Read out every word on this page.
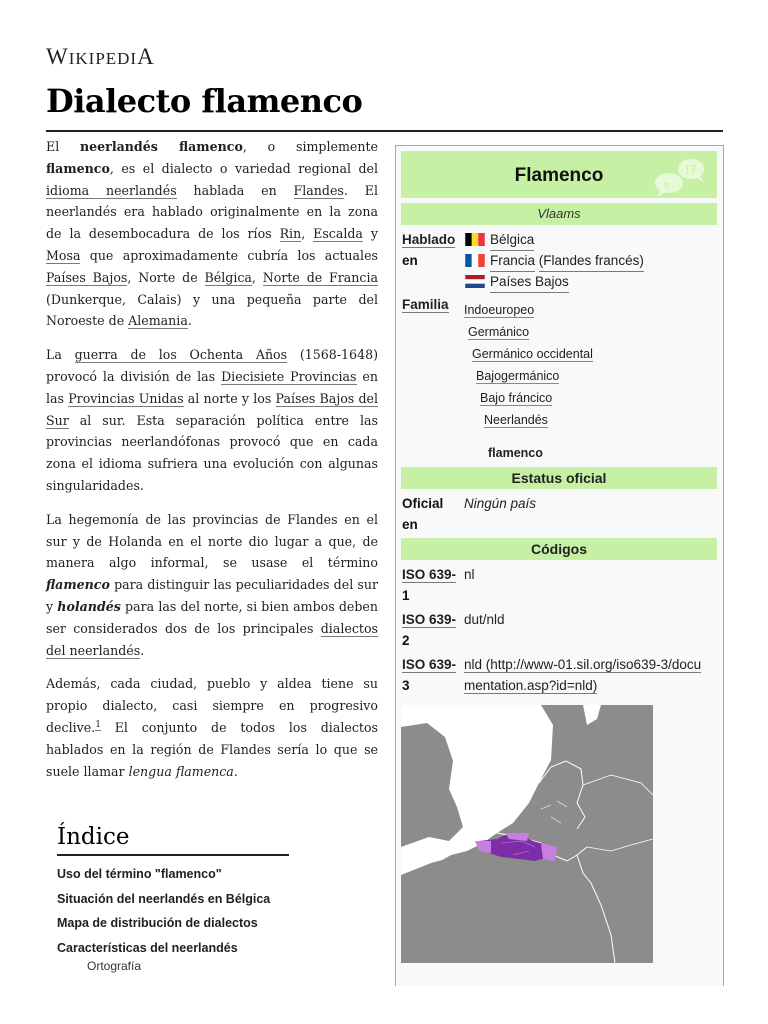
WIKIPEDIA
Dialecto flamenco

El neerlandés flamenco, o simplemente flamenco, es el dialecto o variedad regional del idioma neerlandés hablada en Flandes. El neerlandés era hablado originalmente en la zona de la desembocadura de los ríos Rin, Escalda y Mosa que aproximadamente cubría los actuales Países Bajos, Norte de Bélgica, Norte de Francia (Dunkerque, Calais) y una pequeña parte del Noroeste de Alemania.

La guerra de los Ochenta Años (1568-1648) provocó la división de las Diecisiete Provincias en las Provincias Unidas al norte y los Países Bajos del Sur al sur. Esta separación política entre las provincias neerlandófonas provocó que en cada zona el idioma sufriera una evolución con algunas singularidades.

La hegemonía de las provincias de Flandes en el sur y de Holanda en el norte dio lugar a que, de manera algo informal, se usase el término flamenco para distinguir las peculiaridades del sur y holandés para las del norte, si bien ambos deben ser considerados dos de los principales dialectos del neerlandés.

Además, cada ciudad, pueblo y aldea tiene su propio dialecto, casi siempre en progresivo declive.$^1$ El conjunto de todos los dialectos hablados en la región de Flandes sería lo que se suele llamar lengua flamenca.

Índice
Uso del término "flamenco"
Situación del neerlandés en Bélgica
Mapa de distribución de dialectos
Características del neerlandés
Ortografía
Flamenco	!?
ه
Vlaams
Hablado
en
Bélgica
Francia
(Flandes francés)
Países Bajos
Familia Indoeuropeo
Germánico
Germánico occidental
Bajogermánico
Bajo fráncico
Neerlandés
flamenco
Estatus oficial
Oficial
en
Ningún país
Códigos
ISO 639-
1
nl
ISO 639-
2
dut/nld
ISO 639-
3
nld (http://www-01.sil.org/iso639-3/docu
mentation.asp?id=nld)
